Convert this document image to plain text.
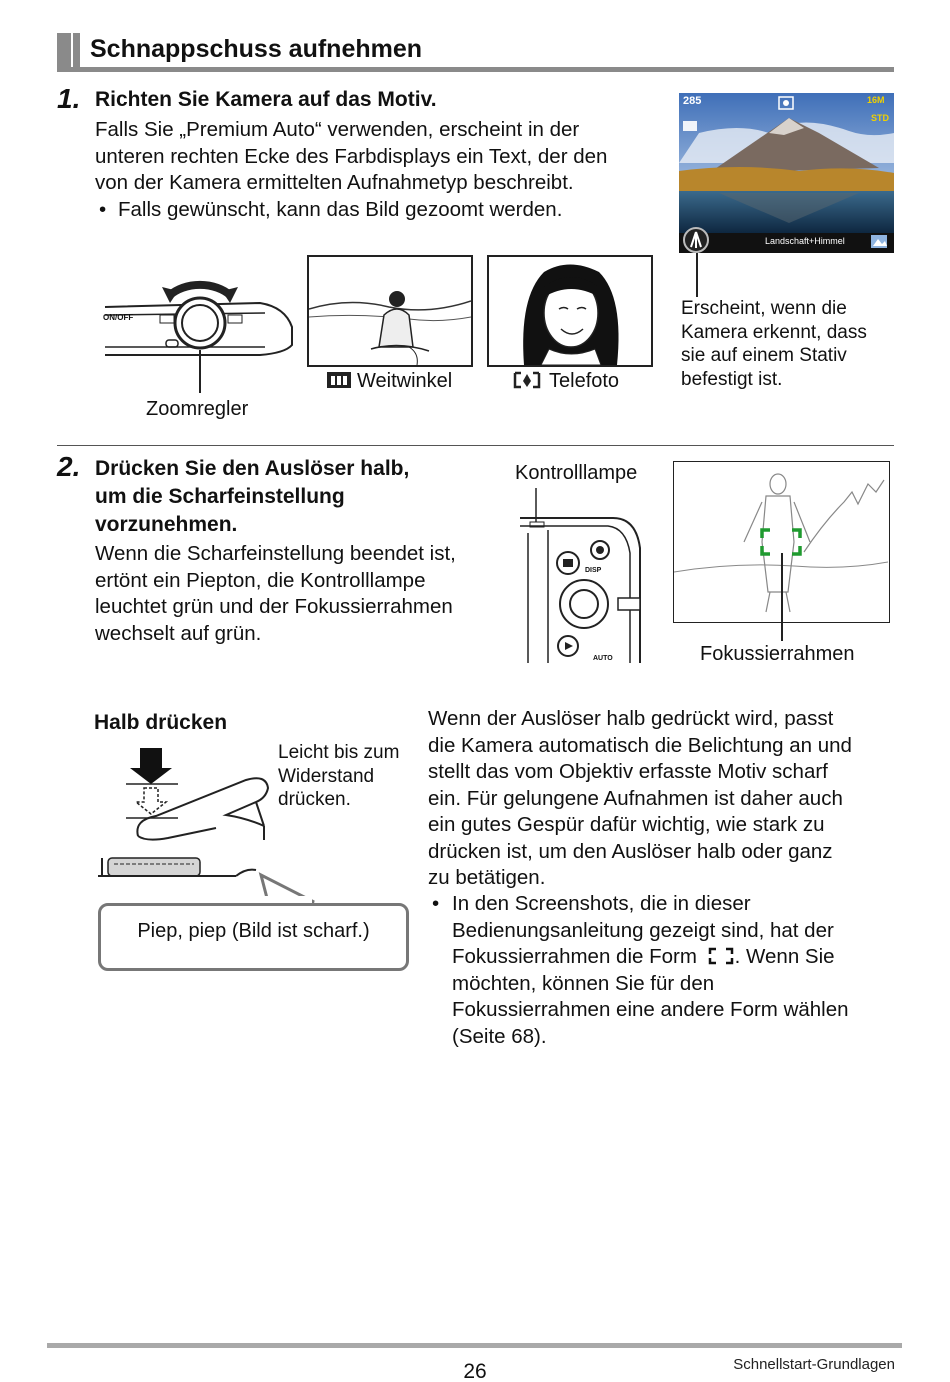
Schnappschuss aufnehmen
1. Richten Sie Kamera auf das Motiv.
Falls Sie „Premium Auto“ verwenden, erscheint in der
unteren rechten Ecke des Farbdisplays ein Text, der den
von der Kamera ermittelten Aufnahmetyp beschreibt.
• Falls gewünscht, kann das Bild gezoomt werden.
ON/OFF
Zoomregler
Weitwinkel	Telefoto
285	16M
STD
Landschaft+Himmel
Erscheint, wenn die
Kamera erkennt, dass
sie auf einem Stativ
befestigt ist.
2. Drücken Sie den Auslöser halb,
um die Scharfeinstellung
vorzunehmen.
Wenn die Scharfeinstellung beendet ist,
ertönt ein Piepton, die Kontrolllampe
leuchtet grün und der Fokussierrahmen
wechselt auf grün.
Kontrolllampe
DISP
AUTO	Fokussierrahmen
Halb drücken
Leicht bis zum
Widerstand
drücken.
Piep, piep (Bild ist scharf.)
Wenn der Auslöser halb gedrückt wird, passt
die Kamera automatisch die Belichtung an und
stellt das vom Objektiv erfasste Motiv scharf
ein. Für gelungene Aufnahmen ist daher auch
ein gutes Gespür dafür wichtig, wie stark zu
drücken ist, um den Auslöser halb oder ganz
zu betätigen.
• In den Screenshots, die in dieser
Bedienungsanleitung gezeigt sind, hat der
Fokussierrahmen die Form . Wenn Sie
möchten, können Sie für den
Fokussierrahmen eine andere Form wählen
(Seite 68).
26	Schnellstart-Grundlagen
